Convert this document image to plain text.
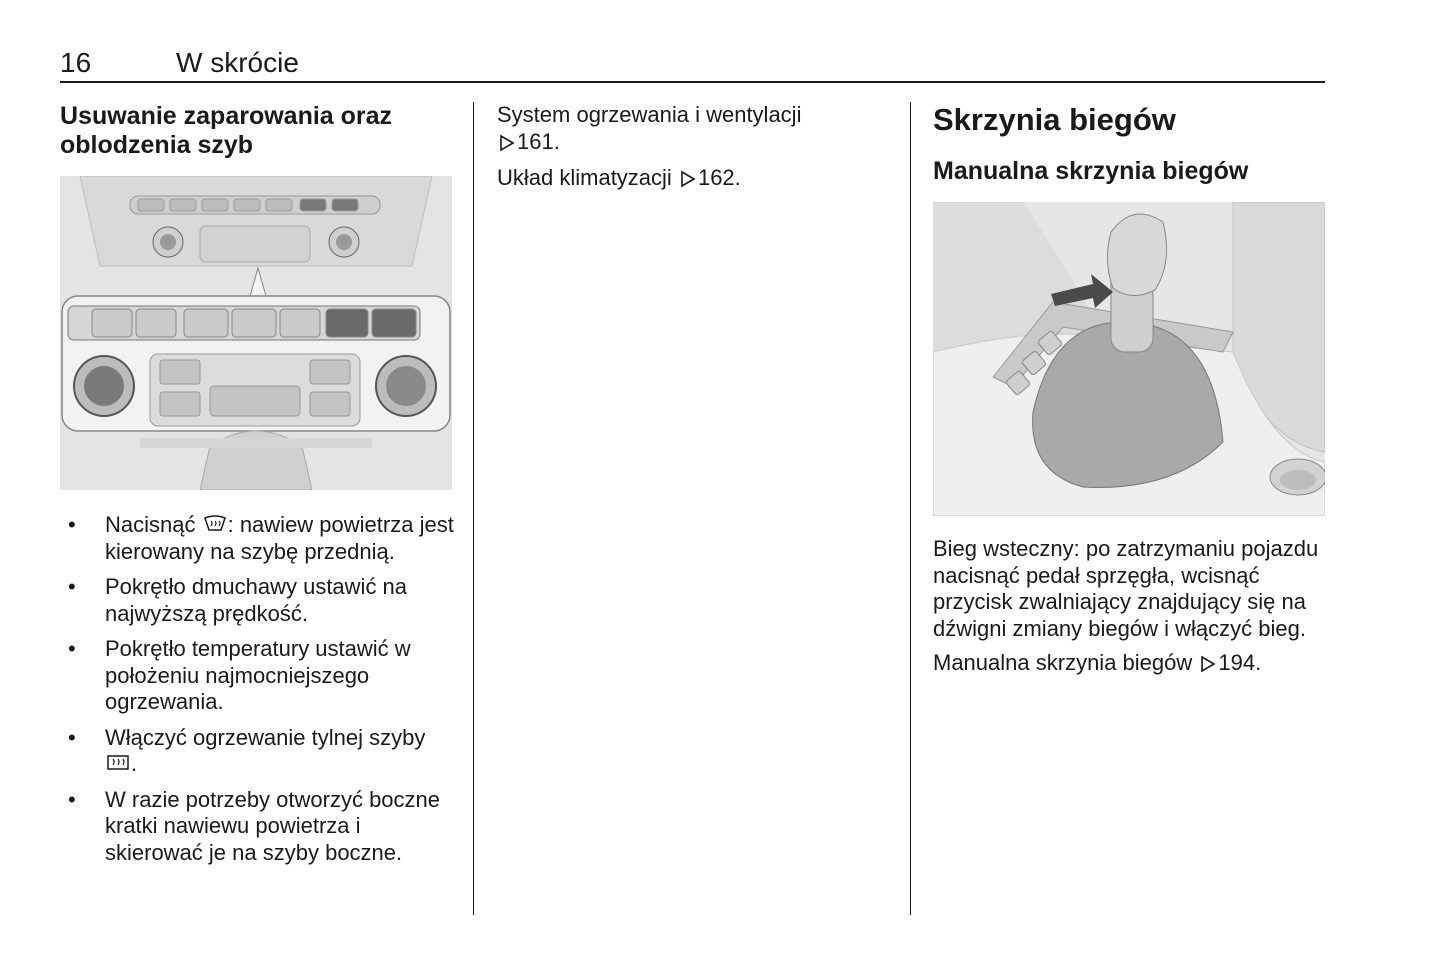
16	W skrócie
Usuwanie zaparowania oraz oblodzenia szyb
• Nacisnąć : nawiew powietrza jest kierowany na szybę przednią.
• Pokrętło dmuchawy ustawić na najwyższą prędkość.
• Pokrętło temperatury ustawić w położeniu najmocniejszego ogrzewania.
• Włączyć ogrzewanie tylnej szyby .
• W razie potrzeby otworzyć boczne kratki nawiewu powietrza i skierować je na szyby boczne.

System ogrzewania i wentylacji
161.

Układ klimatyzacji 162.

Skrzynia biegów
Manualna skrzynia biegów

Bieg wsteczny: po zatrzymaniu pojazdu nacisnąć pedał sprzęgła, wcisnąć przycisk zwalniający znajdujący się na dźwigni zmiany biegów i włączyć bieg.

Manualna skrzynia biegów 194.
